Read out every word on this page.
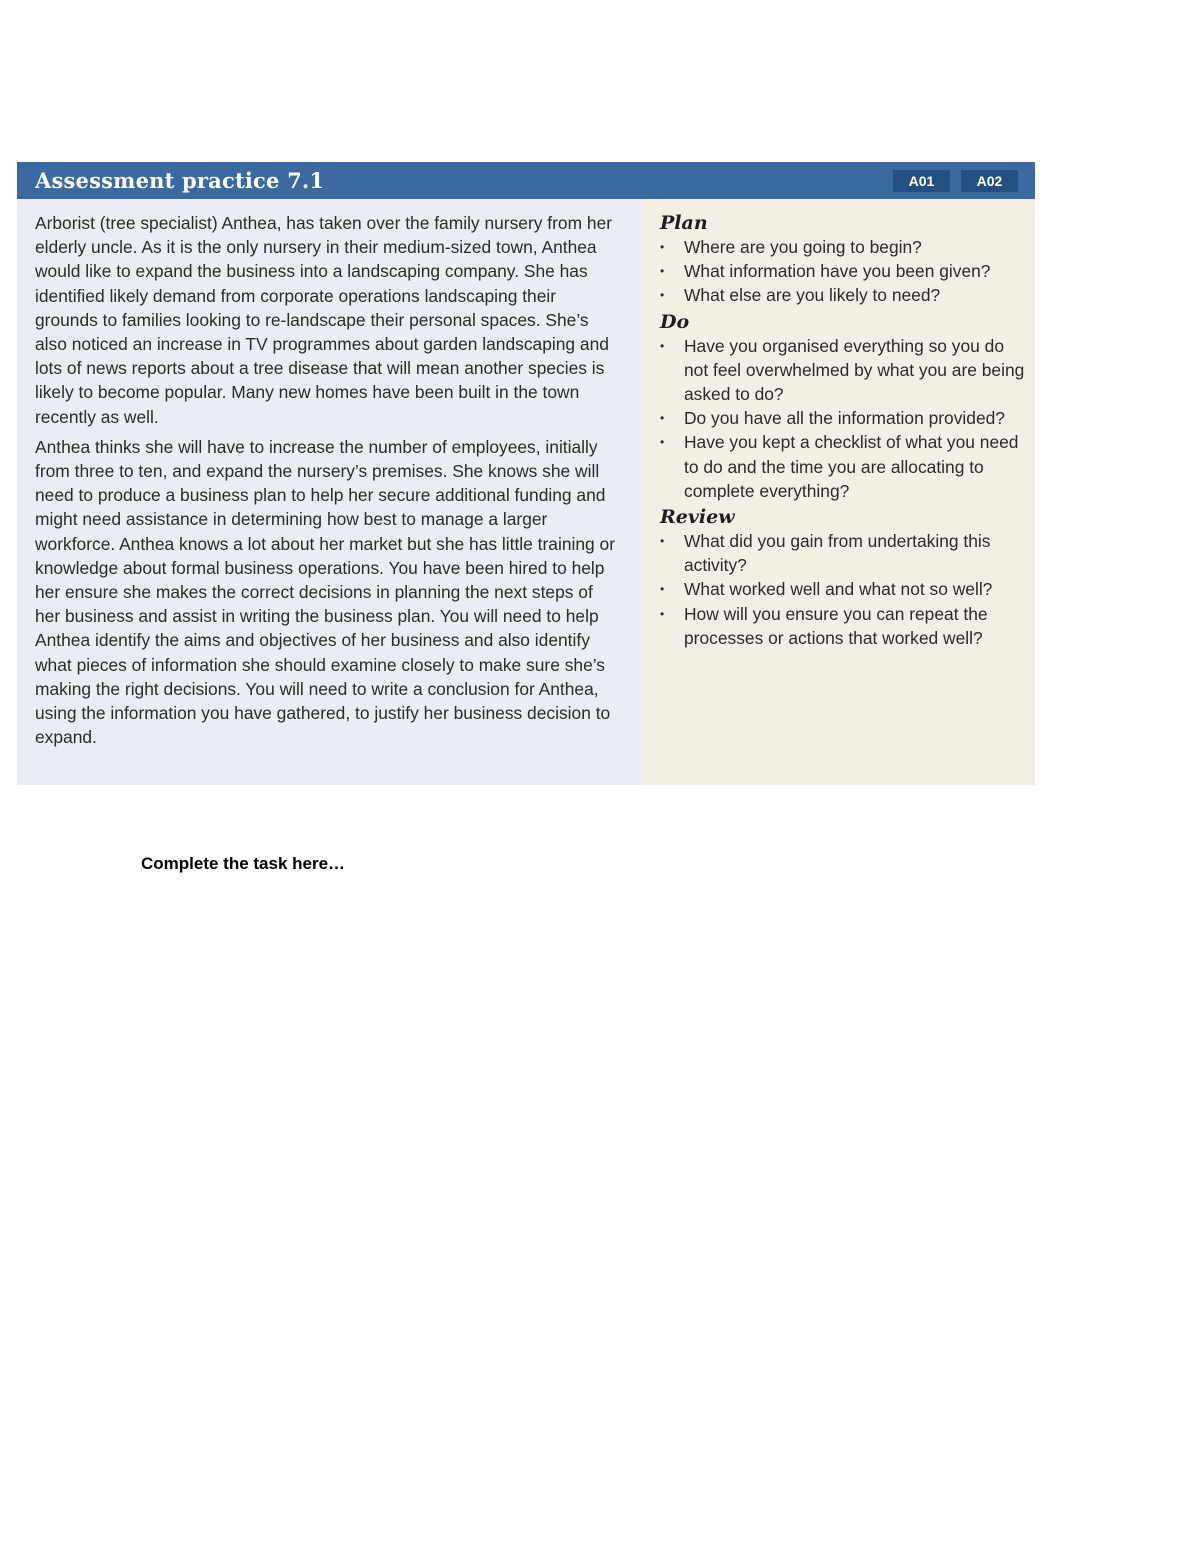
Assessment practice 7.1	A01	A02

Arborist (tree specialist) Anthea, has taken over the family nursery from her elderly uncle. As it is the only nursery in their medium-sized town, Anthea would like to expand the business into a landscaping company. She has identified likely demand from corporate operations landscaping their grounds to families looking to re-landscape their personal spaces. She’s also noticed an increase in TV programmes about garden landscaping and lots of news reports about a tree disease that will mean another species is likely to become popular. Many new homes have been built in the town recently as well.

Anthea thinks she will have to increase the number of employees, initially from three to ten, and expand the nursery’s premises. She knows she will need to produce a business plan to help her secure additional funding and might need assistance in determining how best to manage a larger workforce. Anthea knows a lot about her market but she has little training or knowledge about formal business operations. You have been hired to help her ensure she makes the correct decisions in planning the next steps of her business and assist in writing the business plan. You will need to help Anthea identify the aims and objectives of her business and also identify what pieces of information she should examine closely to make sure she’s making the right decisions. You will need to write a conclusion for Anthea, using the information you have gathered, to justify her business decision to expand.

Plan
•	Where are you going to begin?
•	What information have you been given?
•	What else are you likely to need?
Do
•	Have you organised everything so you do not feel overwhelmed by what you are being asked to do?
•	Do you have all the information provided?
•	Have you kept a checklist of what you need to do and the time you are allocating to complete everything?
Review
•	What did you gain from undertaking this activity?
•	What worked well and what not so well?
•	How will you ensure you can repeat the processes or actions that worked well?
Complete the task here…
